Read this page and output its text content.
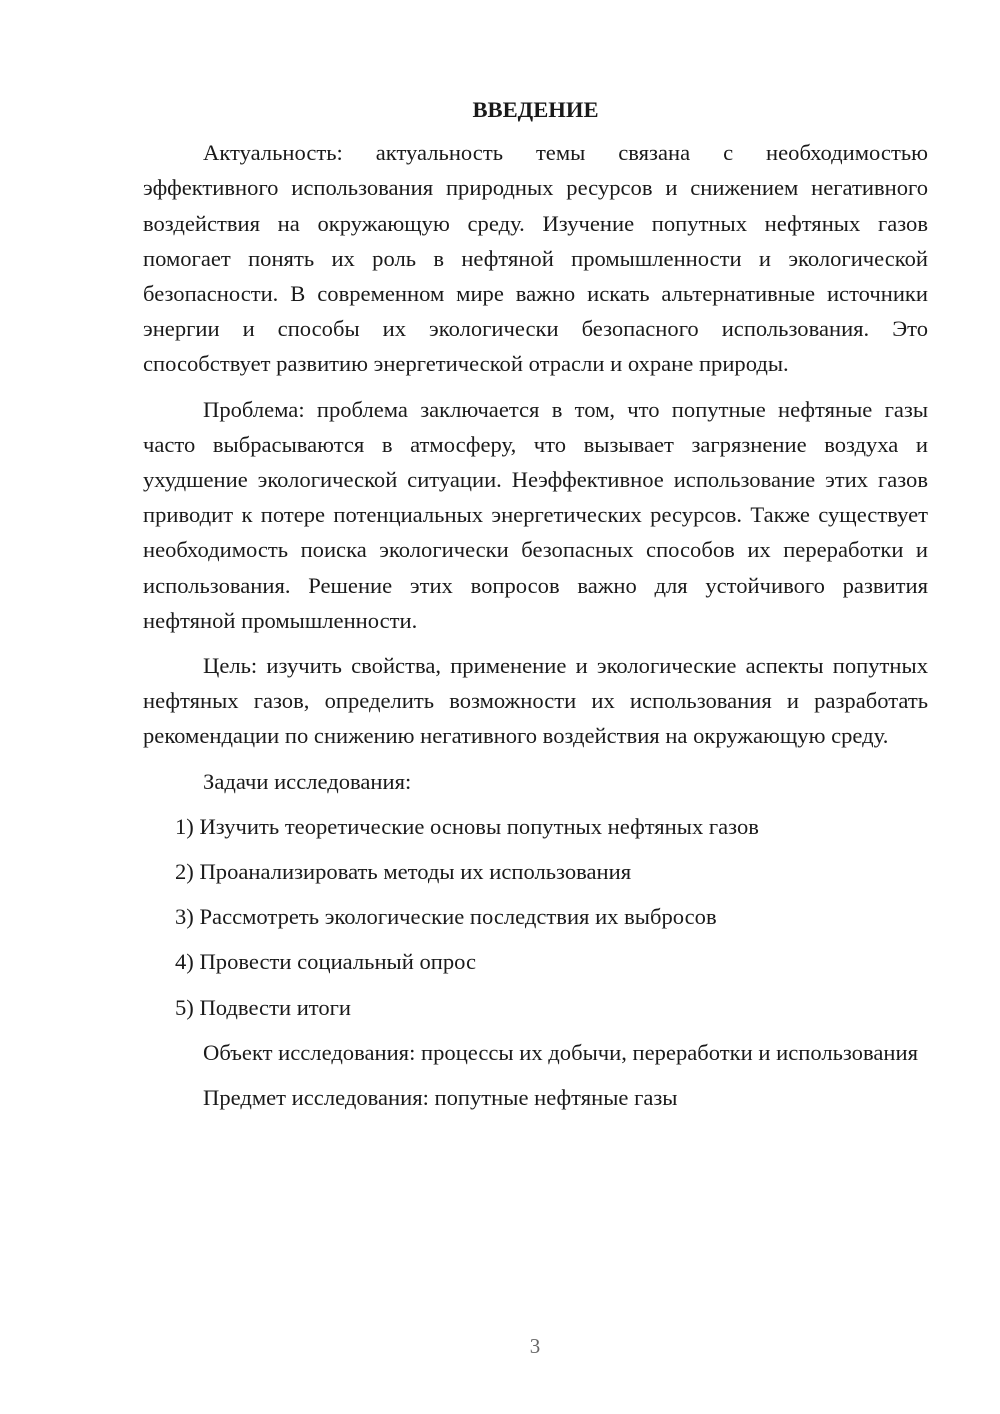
ВВЕДЕНИЕ

Актуальность: актуальность темы связана с необходимостью эффективного использования природных ресурсов и снижением негативного воздействия на окружающую среду. Изучение попутных нефтяных газов помогает понять их роль в нефтяной промышленности и экологической безопасности. В современном мире важно искать альтернативные источники энергии и способы их экологически безопасного использования. Это способствует развитию энергетической отрасли и охране природы.

Проблема: проблема заключается в том, что попутные нефтяные газы часто выбрасываются в атмосферу, что вызывает загрязнение воздуха и ухудшение экологической ситуации. Неэффективное использование этих газов приводит к потере потенциальных энергетических ресурсов. Также существует необходимость поиска экологически безопасных способов их переработки и использования. Решение этих вопросов важно для устойчивого развития нефтяной промышленности.

Цель: изучить свойства, применение и экологические аспекты попутных нефтяных газов, определить возможности их использования и разработать рекомендации по снижению негативного воздействия на окружающую среду.

Задачи исследования:

1) Изучить теоретические основы попутных нефтяных газов
2) Проанализировать методы их использования
3) Рассмотреть экологические последствия их выбросов
4) Провести социальный опрос
5) Подвести итоги

Объект исследования: процессы их добычи, переработки и использования

Предмет исследования: попутные нефтяные газы

3
